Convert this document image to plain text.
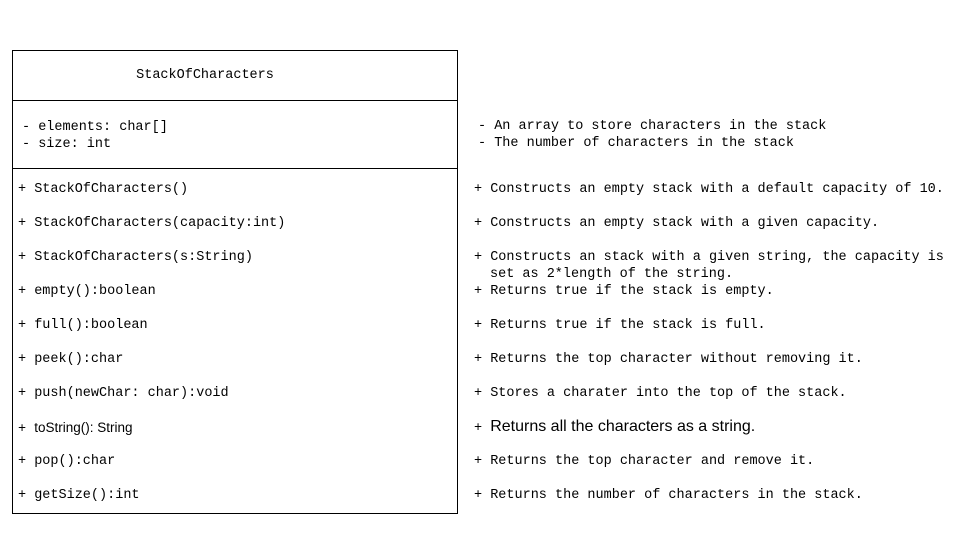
StackOfCharacters
- elements: char[]
- size: int
+ StackOfCharacters()
+ StackOfCharacters(capacity:int)
+ StackOfCharacters(s:String)
+ empty():boolean
+ full():boolean
+ peek():char
+ push(newChar: char):void
+ toString(): String
+ pop():char
+ getSize():int
- An array to store characters in the stack
- The number of characters in the stack
+ Constructs an empty stack with a default capacity of 10.
+ Constructs an empty stack with a given capacity.
+ Constructs an stack with a given string, the capacity is
set as 2*length of the string.
+ Returns true if the stack is empty.
+ Returns true if the stack is full.
+ Returns the top character without removing it.
+ Stores a charater into the top of the stack.
+ Returns all the characters as a string.
+ Returns the top character and remove it.
+ Returns the number of characters in the stack.
